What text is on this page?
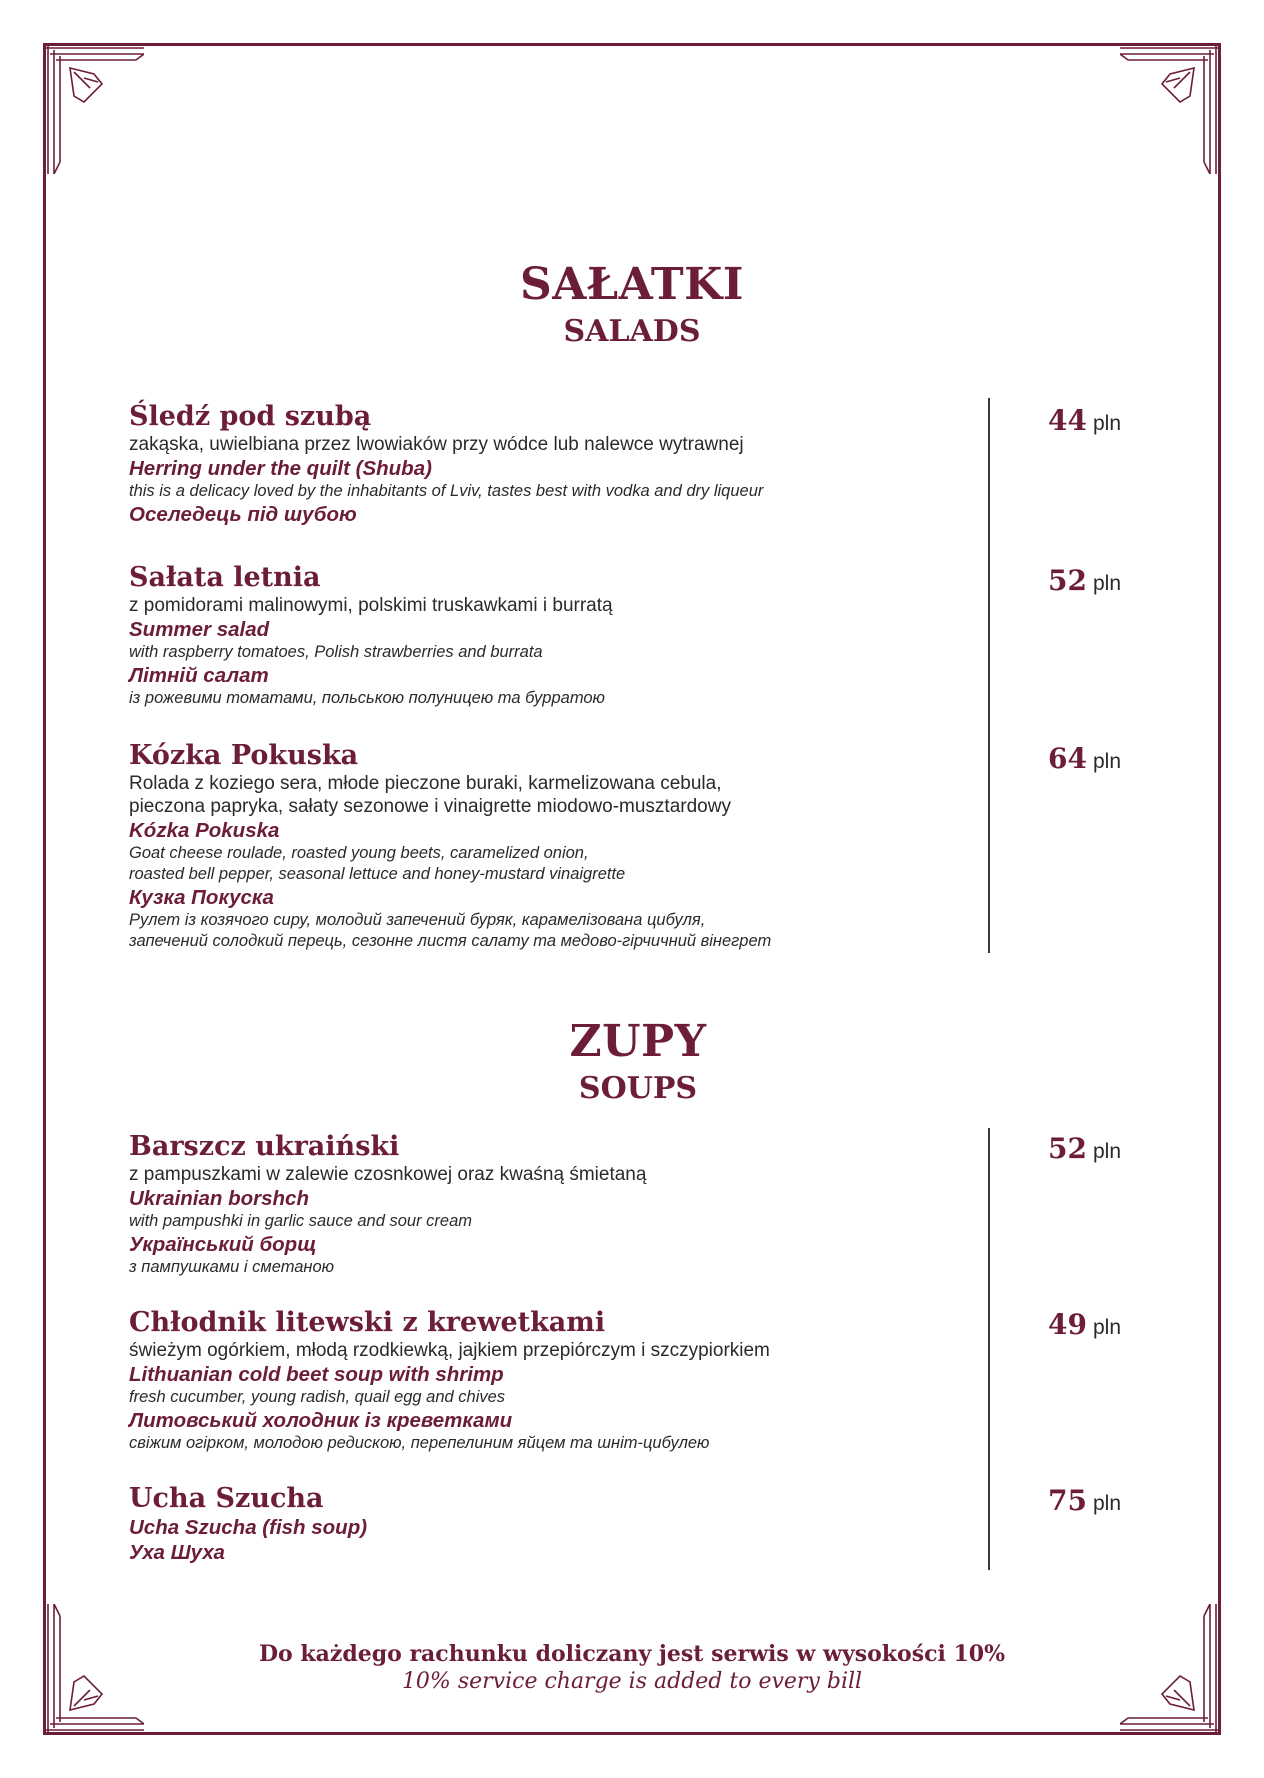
SAŁATKI
SALADS
Śledź pod szubą
zakąska, uwielbiana przez lwowiaków przy wódce lub nalewce wytrawnej
Herring under the quilt (Shuba)
this is a delicacy loved by the inhabitants of Lviv, tastes best with vodka and dry liqueur
Оселедець під шубою
44 pln
Sałata letnia
z pomidorami malinowymi, polskimi truskawkami i burratą
Summer salad
with raspberry tomatoes, Polish strawberries and burrata
Літній салат
із рожевими томатами, польською полуницею та бурратою
52 pln
Kózka Pokuska
Rolada z koziego sera, młode pieczone buraki, karmelizowana cebula,
pieczona papryka, sałaty sezonowe i vinaigrette miodowo-musztardowy
Kózka Pokuska
Goat cheese roulade, roasted young beets, caramelized onion,
roasted bell pepper, seasonal lettuce and honey-mustard vinaigrette
Кузка Покуска
Рулет із козячого сиру, молодий запечений буряк, карамелізована цибуля,
запечений солодкий перець, сезонне листя салату та медово-гірчичний вінегрет
64 pln
ZUPY
SOUPS
Barszcz ukraiński
z pampuszkami w zalewie czosnkowej oraz kwaśną śmietaną
Ukrainian borshch
with pampushki in garlic sauce and sour cream
Український борщ
з пампушками і сметаною
52 pln
Chłodnik litewski z krewetkami
świeżym ogórkiem, młodą rzodkiewką, jajkiem przepiórczym i szczypiorkiem
Lithuanian cold beet soup with shrimp
fresh cucumber, young radish, quail egg and chives
Литовський холодник із креветками
свіжим огірком, молодою редискою, перепелиним яйцем та шніт-цибулею
49 pln
Ucha Szucha
Ucha Szucha (fish soup)
Уха Шуха
75 pln
Do każdego rachunku doliczany jest serwis w wysokości 10%
10% service charge is added to every bill
